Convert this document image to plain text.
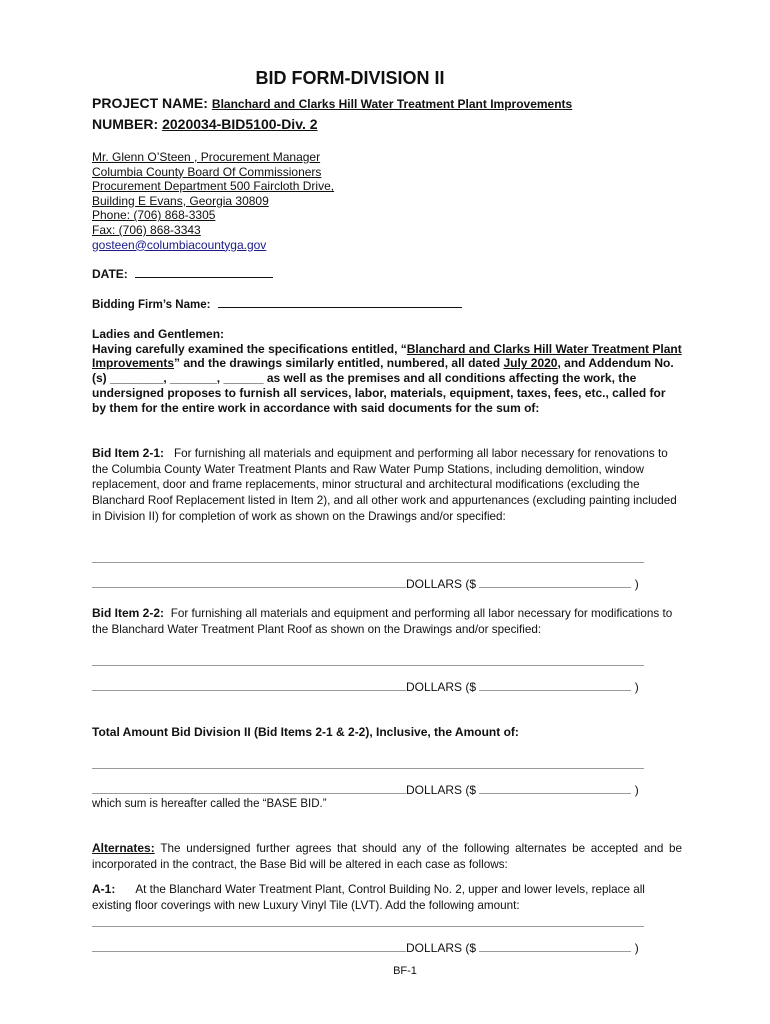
BID FORM-DIVISION II
PROJECT NAME: Blanchard and Clarks Hill Water Treatment Plant Improvements
NUMBER: 2020034-BID5100-Div. 2
Mr. Glenn O’Steen , Procurement Manager
Columbia County Board Of Commissioners
Procurement Department 500 Faircloth Drive,
Building E Evans, Georgia 30809
Phone: (706) 868-3305
Fax: (706) 868-3343
gosteen@columbiacountyga.gov
DATE:
Bidding Firm’s Name:
Ladies and Gentlemen:
Having carefully examined the specifications entitled, “Blanchard and Clarks Hill Water Treatment Plant Improvements” and the drawings similarly entitled, numbered, all dated July 2020, and Addendum No.(s) ________, _______, ______ as well as the premises and all conditions affecting the work, the undersigned proposes to furnish all services, labor, materials, equipment, taxes, fees, etc., called for by them for the entire work in accordance with said documents for the sum of:
Bid Item 2-1: For furnishing all materials and equipment and performing all labor necessary for renovations to the Columbia County Water Treatment Plants and Raw Water Pump Stations, including demolition, window replacement, door and frame replacements, minor structural and architectural modifications (excluding the Blanchard Roof Replacement listed in Item 2), and all other work and appurtenances (excluding painting included in Division II) for completion of work as shown on the Drawings and/or specified:
DOLLARS ($	)
Bid Item 2-2: For furnishing all materials and equipment and performing all labor necessary for modifications to the Blanchard Water Treatment Plant Roof as shown on the Drawings and/or specified:
DOLLARS ($	)
Total Amount Bid Division II (Bid Items 2-1 & 2-2), Inclusive, the Amount of:
DOLLARS ($	)
which sum is hereafter called the “BASE BID.”
Alternates: The undersigned further agrees that should any of the following alternates be accepted and be incorporated in the contract, the Base Bid will be altered in each case as follows:
A-1: At the Blanchard Water Treatment Plant, Control Building No. 2, upper and lower levels, replace all existing floor coverings with new Luxury Vinyl Tile (LVT). Add the following amount:
DOLLARS ($	)
BF-1
